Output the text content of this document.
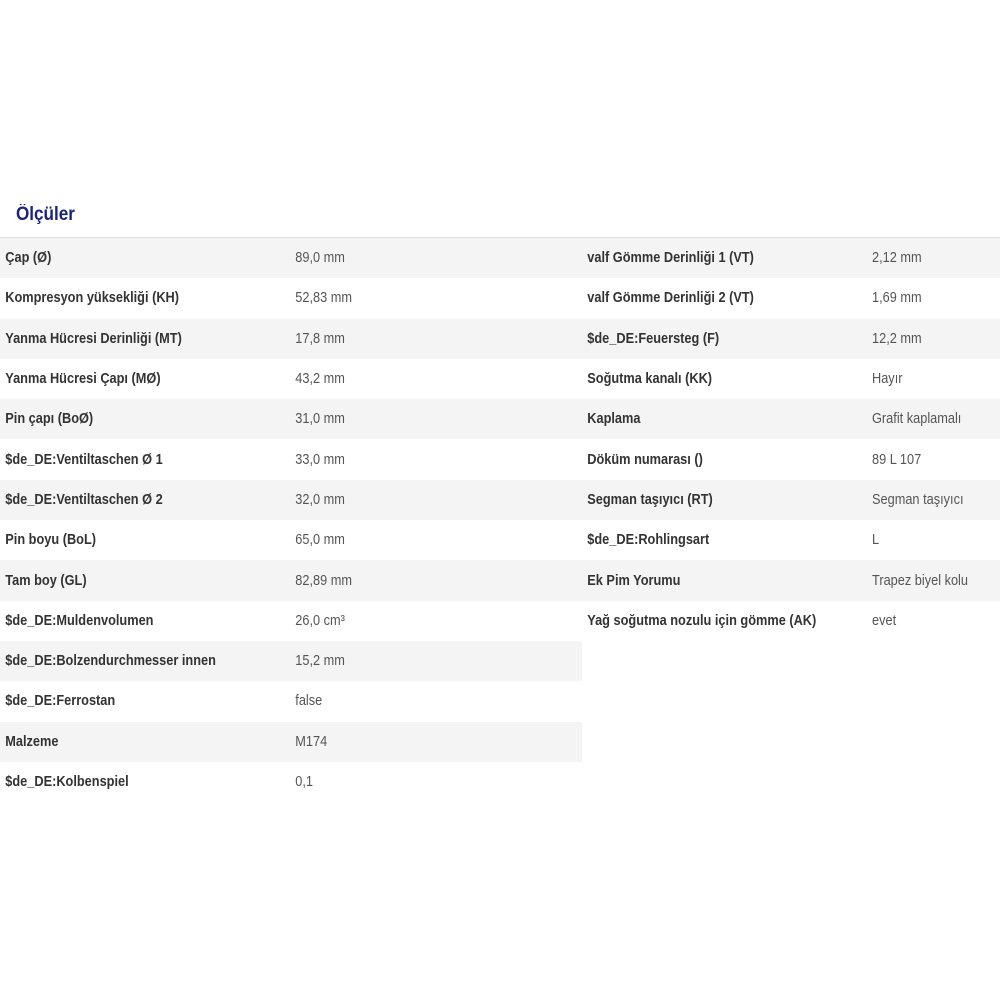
Ölçüler
Çap (Ø)	89,0 mm
Kompresyon yüksekliği (KH)	52,83 mm
Yanma Hücresi Derinliği (MT)	17,8 mm
Yanma Hücresi Çapı (MØ)	43,2 mm
Pin çapı (BoØ)	31,0 mm
$de_DE:Ventiltaschen Ø 1	33,0 mm
$de_DE:Ventiltaschen Ø 2	32,0 mm
Pin boyu (BoL)	65,0 mm
Tam boy (GL)	82,89 mm
$de_DE:Muldenvolumen	26,0 cm³
$de_DE:Bolzendurchmesser innen	15,2 mm
$de_DE:Ferrostan	false
Malzeme	M174
$de_DE:Kolbenspiel	0,1
valf Gömme Derinliği 1 (VT)	2,12 mm
valf Gömme Derinliği 2 (VT)	1,69 mm
$de_DE:Feuersteg (F)	12,2 mm
Soğutma kanalı (KK)	Hayır
Kaplama	Grafit kaplamalı
Döküm numarası ()	89 L 107
Segman taşıyıcı (RT)	Segman taşıyıcı
$de_DE:Rohlingsart	L
Ek Pim Yorumu	Trapez biyel kolu
Yağ soğutma nozulu için gömme (AK)	evet
